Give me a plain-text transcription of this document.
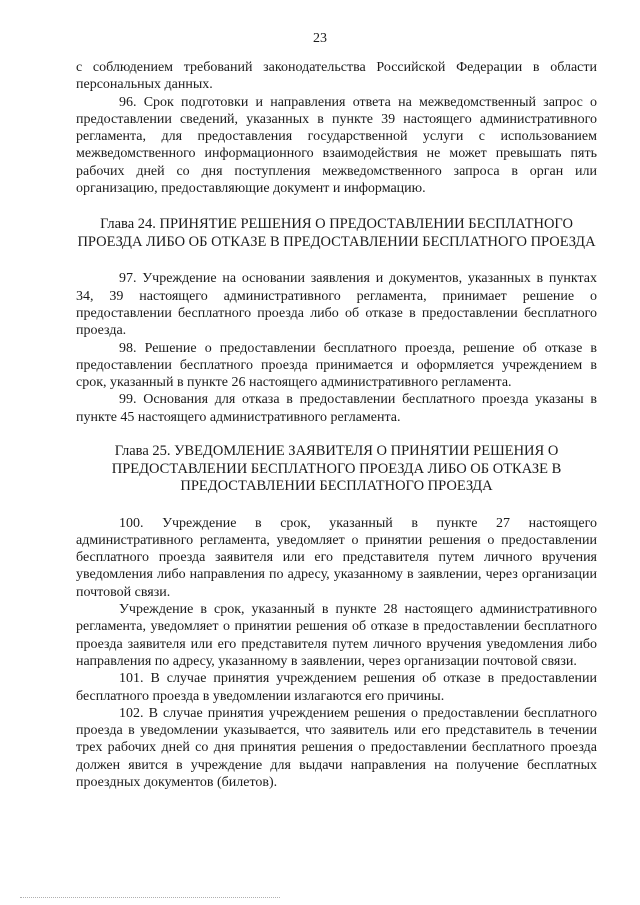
23

с соблюдением требований законодательства Российской Федерации в области персональных данных.

96. Срок подготовки и направления ответа на межведомственный запрос о предоставлении сведений, указанных в пункте 39 настоящего административного регламента, для предоставления государственной услуги с использованием межведомственного информационного взаимодействия не может превышать пять рабочих дней со дня поступления межведомственного запроса в орган или организацию, предоставляющие документ и информацию.

Глава 24. ПРИНЯТИЕ РЕШЕНИЯ О ПРЕДОСТАВЛЕНИИ БЕСПЛАТНОГО ПРОЕЗДА ЛИБО ОБ ОТКАЗЕ В ПРЕДОСТАВЛЕНИИ БЕСПЛАТНОГО ПРОЕЗДА

97. Учреждение на основании заявления и документов, указанных в пунктах 34, 39 настоящего административного регламента, принимает решение о предоставлении бесплатного проезда либо об отказе в предоставлении бесплатного проезда.

98. Решение о предоставлении бесплатного проезда, решение об отказе в предоставлении бесплатного проезда принимается и оформляется учреждением в срок, указанный в пункте 26 настоящего административного регламента.

99. Основания для отказа в предоставлении бесплатного проезда указаны в пункте 45 настоящего административного регламента.

Глава 25. УВЕДОМЛЕНИЕ ЗАЯВИТЕЛЯ О ПРИНЯТИИ РЕШЕНИЯ О ПРЕДОСТАВЛЕНИИ БЕСПЛАТНОГО ПРОЕЗДА ЛИБО ОБ ОТКАЗЕ В ПРЕДОСТАВЛЕНИИ БЕСПЛАТНОГО ПРОЕЗДА

100. Учреждение в срок, указанный в пункте 27 настоящего административного регламента, уведомляет о принятии решения о предоставлении бесплатного проезда заявителя или его представителя путем личного вручения уведомления либо направления по адресу, указанному в заявлении, через организации почтовой связи.

Учреждение в срок, указанный в пункте 28 настоящего административного регламента, уведомляет о принятии решения об отказе в предоставлении бесплатного проезда заявителя или его представителя путем личного вручения уведомления либо направления по адресу, указанному в заявлении, через организации почтовой связи.

101. В случае принятия учреждением решения об отказе в предоставлении бесплатного проезда в уведомлении излагаются его причины.

102. В случае принятия учреждением решения о предоставлении бесплатного проезда в уведомлении указывается, что заявитель или его представитель в течении трех рабочих дней со дня принятия решения о предоставлении бесплатного проезда должен явится в учреждение для выдачи направления на получение бесплатных проездных документов (билетов).
